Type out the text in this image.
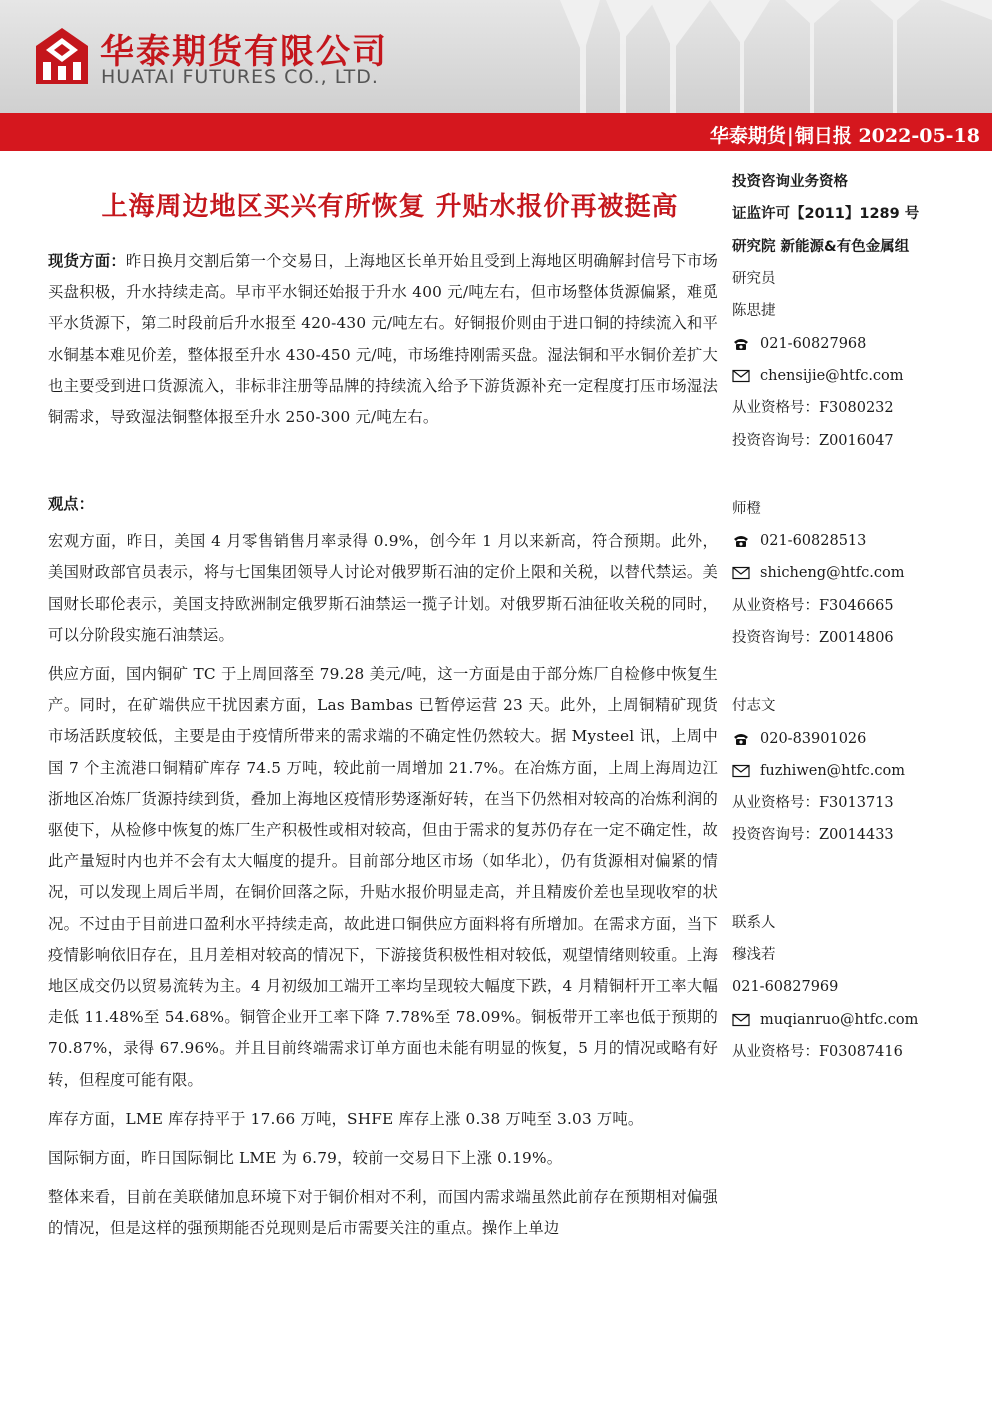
华泰期货有限公司
HUATAI FUTURES CO., LTD.
华泰期货|铜日报 2022-05-18
上海周边地区买兴有所恢复 升贴水报价再被挺高

现货方面：昨日换月交割后第一个交易日，上海地区长单开始且受到上海地区明确解封信号下市场买盘积极，升水持续走高。早市平水铜还始报于升水 400 元/吨左右，但市场整体货源偏紧，难觅平水货源下，第二时段前后升水报至 420-430 元/吨左右。好铜报价则由于进口铜的持续流入和平水铜基本难见价差，整体报至升水 430-450 元/吨，市场维持刚需买盘。湿法铜和平水铜价差扩大也主要受到进口货源流入，非标非注册等品牌的持续流入给予下游货源补充一定程度打压市场湿法铜需求，导致湿法铜整体报至升水 250-300 元/吨左右。

观点：

宏观方面，昨日，美国 4 月零售销售月率录得 0.9%，创今年 1 月以来新高，符合预期。此外，美国财政部官员表示，将与七国集团领导人讨论对俄罗斯石油的定价上限和关税，以替代禁运。美国财长耶伦表示，美国支持欧洲制定俄罗斯石油禁运一揽子计划。对俄罗斯石油征收关税的同时，可以分阶段实施石油禁运。

供应方面，国内铜矿 TC 于上周回落至 79.28 美元/吨，这一方面是由于部分炼厂自检修中恢复生产。同时，在矿端供应干扰因素方面，Las Bambas 已暂停运营 23 天。此外，上周铜精矿现货市场活跃度较低，主要是由于疫情所带来的需求端的不确定性仍然较大。据 Mysteel 讯，上周中国 7 个主流港口铜精矿库存 74.5 万吨，较此前一周增加 21.7%。在冶炼方面，上周上海周边江浙地区冶炼厂货源持续到货，叠加上海地区疫情形势逐渐好转，在当下仍然相对较高的冶炼利润的驱使下，从检修中恢复的炼厂生产积极性或相对较高，但由于需求的复苏仍存在一定不确定性，故此产量短时内也并不会有太大幅度的提升。目前部分地区市场（如华北），仍有货源相对偏紧的情况，可以发现上周后半周，在铜价回落之际，升贴水报价明显走高，并且精废价差也呈现收窄的状况。不过由于目前进口盈利水平持续走高，故此进口铜供应方面料将有所增加。在需求方面，当下疫情影响依旧存在，且月差相对较高的情况下，下游接货积极性相对较低，观望情绪则较重。上海地区成交仍以贸易流转为主。4 月初级加工端开工率均呈现较大幅度下跌，4 月精铜杆开工率大幅走低 11.48%至 54.68%。铜管企业开工率下降 7.78%至 78.09%。铜板带开工率也低于预期的 70.87%，录得 67.96%。并且目前终端需求订单方面也未能有明显的恢复，5 月的情况或略有好转，但程度可能有限。

库存方面，LME 库存持平于 17.66 万吨，SHFE 库存上涨 0.38 万吨至 3.03 万吨。

国际铜方面，昨日国际铜比 LME 为 6.79，较前一交易日下上涨 0.19%。

整体来看，目前在美联储加息环境下对于铜价相对不利，而国内需求端虽然此前存在预期相对偏强的情况，但是这样的强预期能否兑现则是后市需要关注的重点。操作上单边

投资咨询业务资格
证监许可【2011】1289 号
研究院 新能源&有色金属组
研究员
陈思捷
021-60827968
chensijie@htfc.com
从业资格号：F3080232
投资咨询号：Z0016047
师橙
021-60828513
shicheng@htfc.com
从业资格号：F3046665
投资咨询号：Z0014806
付志文
020-83901026
fuzhiwen@htfc.com
从业资格号：F3013713
投资咨询号：Z0014433
联系人
穆浅若
021-60827969
muqianruo@htfc.com
从业资格号：F03087416
